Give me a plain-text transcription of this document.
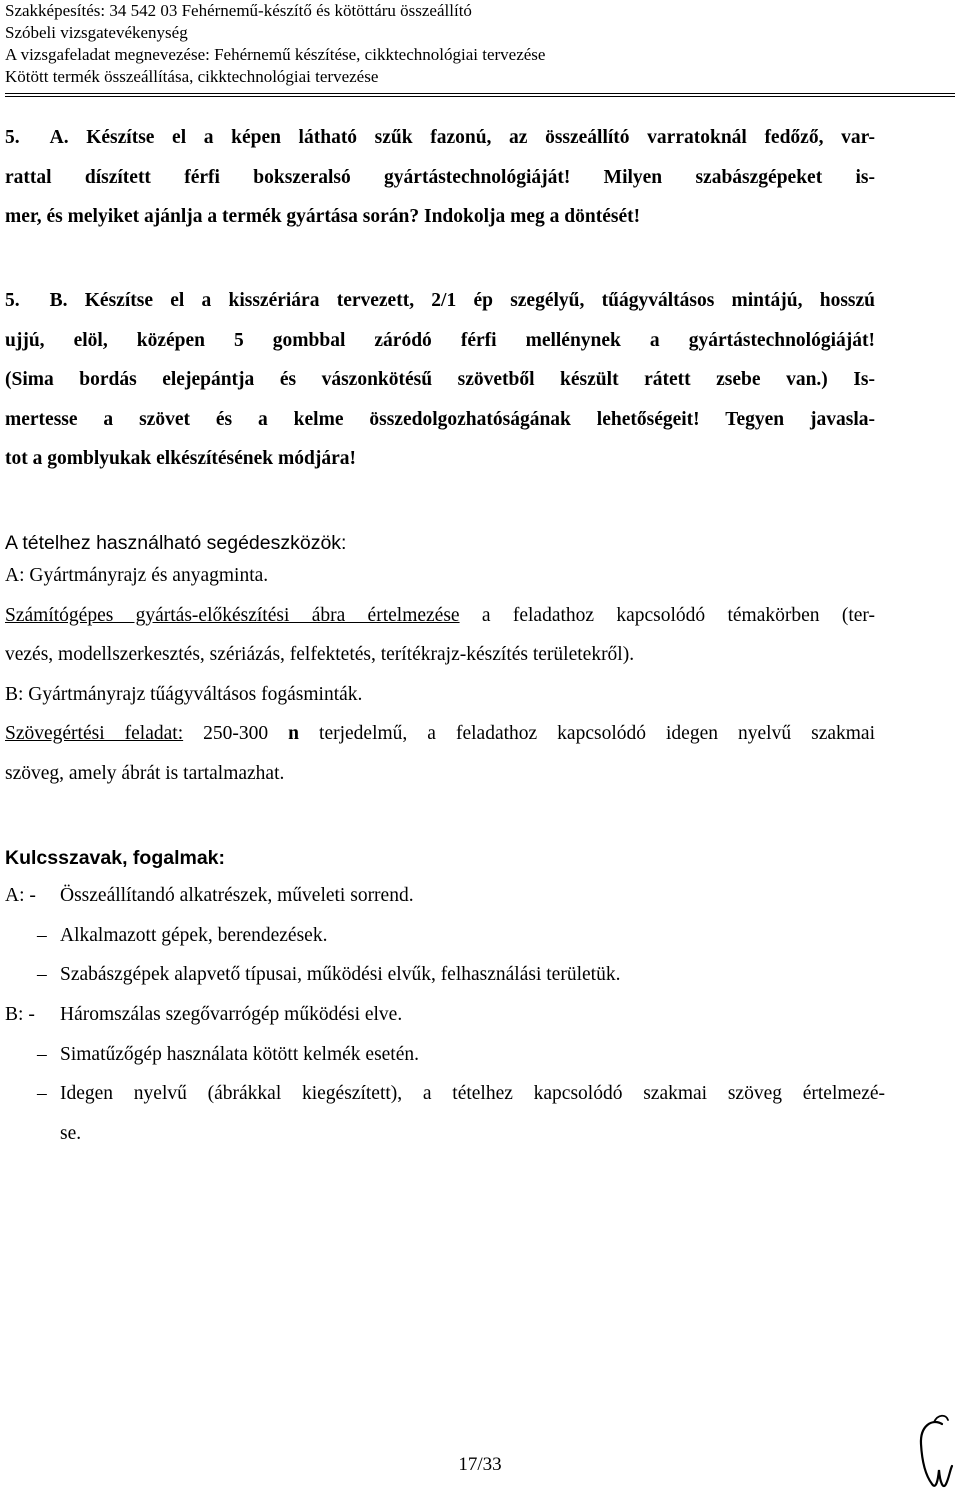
Szakképesítés: 34 542 03 Fehérnemű-készítő és kötöttáru összeállító
Szóbeli vizsgatevékenység
A vizsgafeladat megnevezése: Fehérnemű készítése, cikktechnológiai tervezése
Kötött termék összeállítása, cikktechnológiai tervezése
5. A. Készítse el a képen látható szűk fazonú, az összeállító varratoknál fedőző, var-
rattal díszített férfi bokszeralsó gyártástechnológiáját! Milyen szabászgépeket is-
mer, és melyiket ajánlja a termék gyártása során? Indokolja meg a döntését!
5. B. Készítse el a kisszériára tervezett, 2/1 ép szegélyű, tűágyváltásos mintájú, hosszú
ujjú, elöl, középen 5 gombbal záródó férfi mellénynek a gyártástechnológiáját!
(Sima bordás elejepántja és vászonkötésű szövetből készült rátett zsebe van.) Is-
mertesse a szövet és a kelme összedolgozhatóságának lehetőségeit! Tegyen javasla-
tot a gomblyukak elkészítésének módjára!
A tételhez használható segédeszközök:
A: Gyártmányrajz és anyagminta.
Számítógépes gyártás-előkészítési ábra értelmezése a feladathoz kapcsolódó témakörben (ter-
vezés, modellszerkesztés, szériázás, felfektetés, terítékrajz-készítés területekről).
B: Gyártmányrajz tűágyváltásos fogásminták.
Szövegértési feladat: 250-300 n terjedelmű, a feladathoz kapcsolódó idegen nyelvű szakmai
szöveg, amely ábrát is tartalmazhat.
Kulcsszavak, fogalmak:
A: - Összeállítandó alkatrészek, műveleti sorrend.
– Alkalmazott gépek, berendezések.
– Szabászgépek alapvető típusai, működési elvűk, felhasználási területük.
B: - Háromszálas szegővarrógép működési elve.
– Simatűzőgép használata kötött kelmék esetén.
– Idegen nyelvű (ábrákkal kiegészített), a tételhez kapcsolódó szakmai szöveg értelmezé-
se.
17/33
